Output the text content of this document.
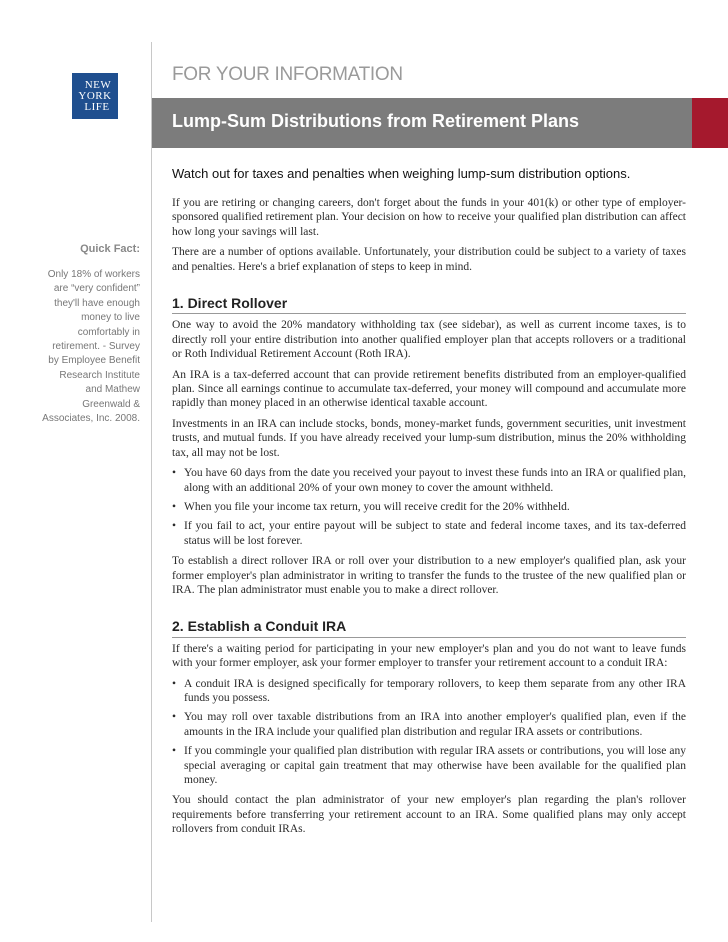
NEW
YORK
LIFE
FOR YOUR INFORMATION
Lump-Sum Distributions from Retirement Plans
Watch out for taxes and penalties when weighing lump-sum distribution options.
Quick Fact:
Only 18% of workers are “very confident” they'll have enough money to live comfortably in retirement. - Survey by Employee Benefit Research Institute and Mathew Greenwald & Associates, Inc. 2008.

If you are retiring or changing careers, don't forget about the funds in your 401(k) or other type of employer-sponsored qualified retirement plan. Your decision on how to receive your qualified plan distribution can affect how long your savings will last.

There are a number of options available. Unfortunately, your distribution could be subject to a variety of taxes and penalties. Here's a brief explanation of steps to keep in mind.

1. Direct Rollover

One way to avoid the 20% mandatory withholding tax (see sidebar), as well as current income taxes, is to directly roll your entire distribution into another qualified employer plan that accepts rollovers or a traditional or Roth Individual Retirement Account (Roth IRA).

An IRA is a tax-deferred account that can provide retirement benefits distributed from an employer-qualified plan. Since all earnings continue to accumulate tax-deferred, your money will compound and accumulate more rapidly than money placed in an otherwise identical taxable account.

Investments in an IRA can include stocks, bonds, money-market funds, government securities, unit investment trusts, and mutual funds. If you have already received your lump-sum distribution, minus the 20% withholding tax, all may not be lost.

• You have 60 days from the date you received your payout to invest these funds into an IRA or qualified plan, along with an additional 20% of your own money to cover the amount withheld.
• When you file your income tax return, you will receive credit for the 20% withheld.
• If you fail to act, your entire payout will be subject to state and federal income taxes, and its tax-deferred status will be lost forever.

To establish a direct rollover IRA or roll over your distribution to a new employer's qualified plan, ask your former employer's plan administrator in writing to transfer the funds to the trustee of the new qualified plan or IRA. The plan administrator must enable you to make a direct rollover.

2. Establish a Conduit IRA

If there's a waiting period for participating in your new employer's plan and you do not want to leave funds with your former employer, ask your former employer to transfer your retirement account to a conduit IRA:

• A conduit IRA is designed specifically for temporary rollovers, to keep them separate from any other IRA funds you possess.
• You may roll over taxable distributions from an IRA into another employer's qualified plan, even if the amounts in the IRA include your qualified plan distribution and regular IRA assets or contributions.
• If you commingle your qualified plan distribution with regular IRA assets or contributions, you will lose any special averaging or capital gain treatment that may otherwise have been available for the qualified plan money.

You should contact the plan administrator of your new employer's plan regarding the plan's rollover requirements before transferring your retirement account to an IRA. Some qualified plans may only accept rollovers from conduit IRAs.
